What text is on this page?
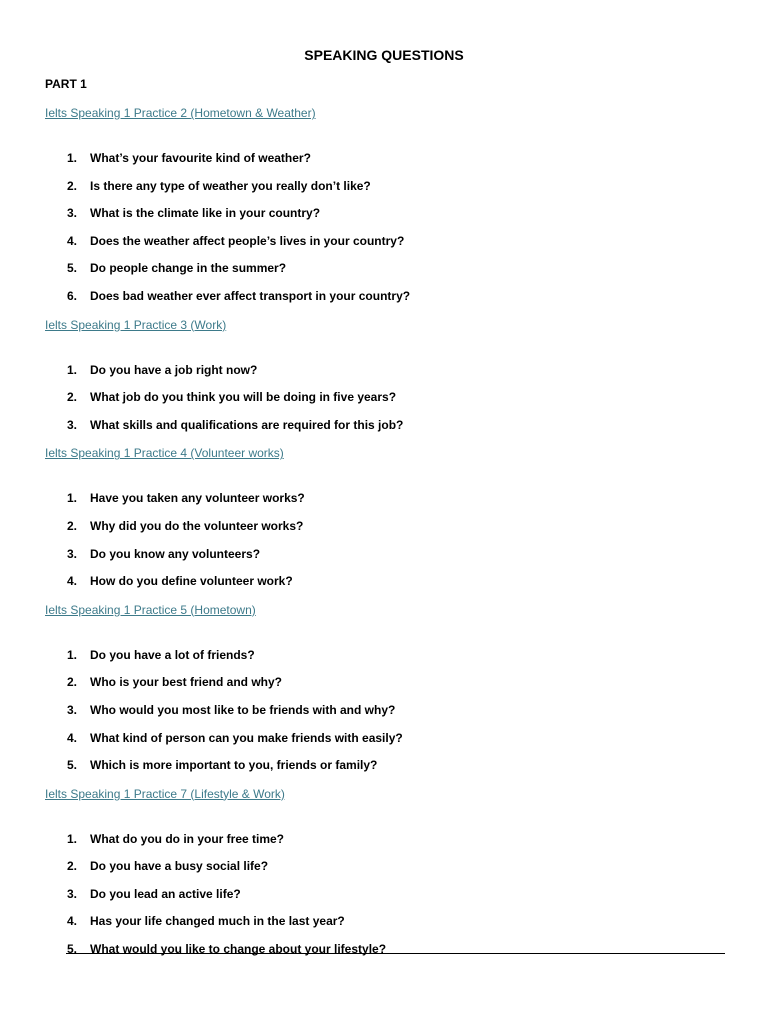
SPEAKING QUESTIONS
PART 1
Ielts Speaking 1 Practice 2 (Hometown & Weather)
1. What’s your favourite kind of weather?
2. Is there any type of weather you really don’t like?
3. What is the climate like in your country?
4. Does the weather affect people’s lives in your country?
5. Do people change in the summer?
6. Does bad weather ever affect transport in your country?
Ielts Speaking 1 Practice 3 (Work)
1. Do you have a job right now?
2. What job do you think you will be doing in five years?
3. What skills and qualifications are required for this job?
Ielts Speaking 1 Practice 4 (Volunteer works)
1. Have you taken any volunteer works?
2. Why did you do the volunteer works?
3. Do you know any volunteers?
4. How do you define volunteer work?
Ielts Speaking 1 Practice 5 (Hometown)
1. Do you have a lot of friends?
2. Who is your best friend and why?
3. Who would you most like to be friends with and why?
4. What kind of person can you make friends with easily?
5. Which is more important to you, friends or family?
Ielts Speaking 1 Practice 7 (Lifestyle & Work)
1. What do you do in your free time?
2. Do you have a busy social life?
3. Do you lead an active life?
4. Has your life changed much in the last year?
5. What would you like to change about your lifestyle?
